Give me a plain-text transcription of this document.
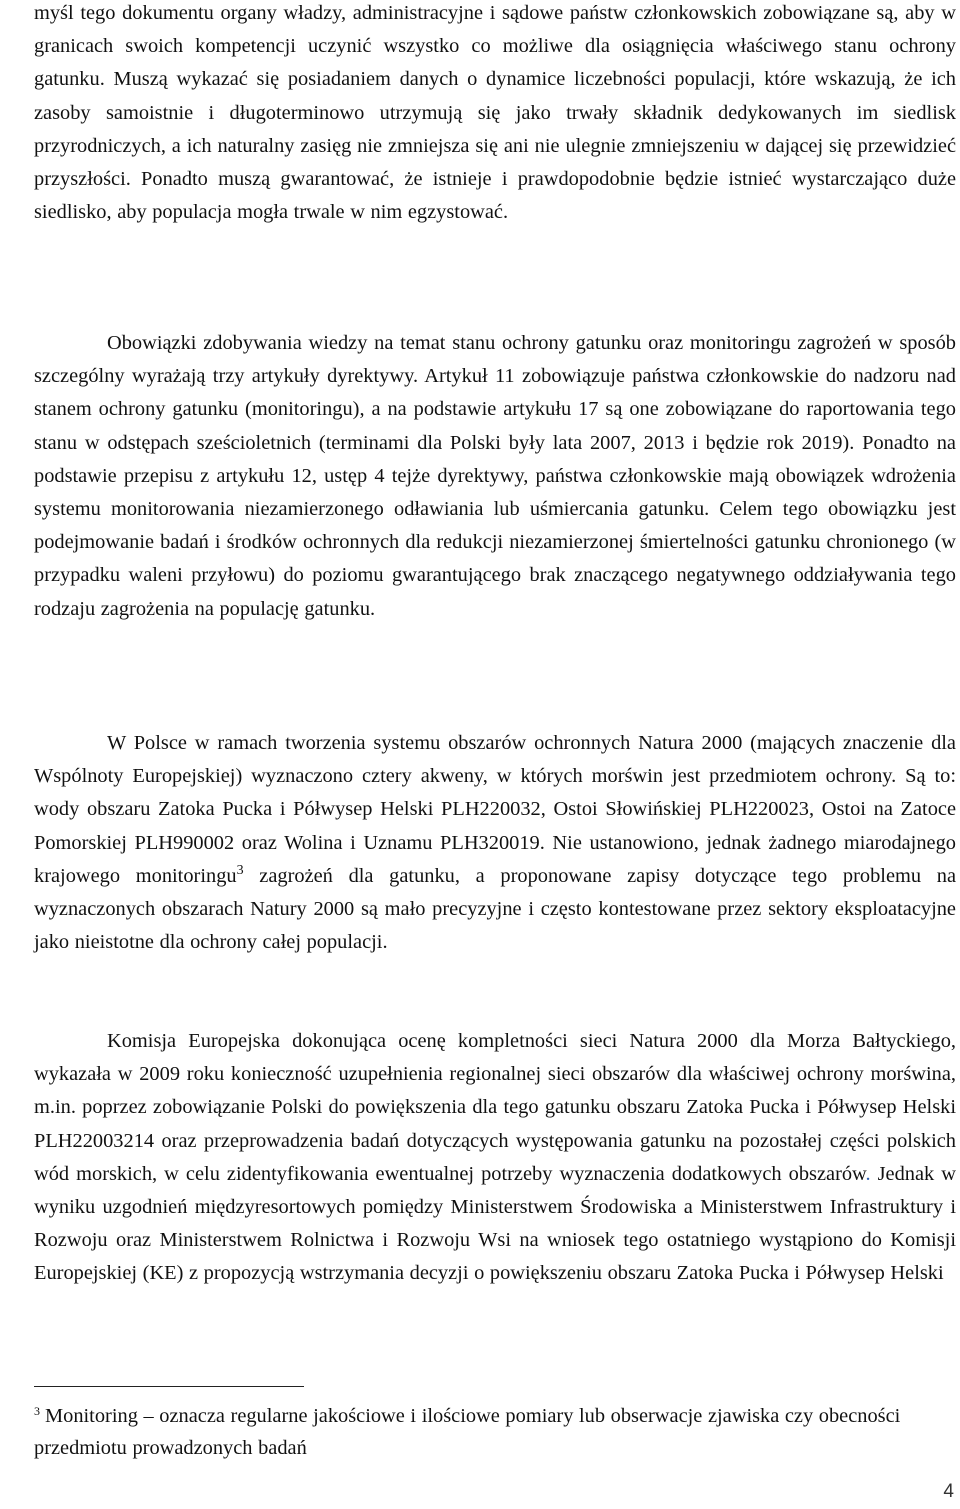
myśl tego dokumentu organy władzy, administracyjne i sądowe państw członkowskich zobowiązane są, aby w granicach swoich kompetencji uczynić wszystko co możliwe dla osiągnięcia właściwego stanu ochrony gatunku. Muszą wykazać się posiadaniem danych o dynamice liczebności populacji, które wskazują, że ich zasoby samoistnie i długoterminowo utrzymują się jako trwały składnik dedykowanych im siedlisk przyrodniczych, a ich naturalny zasięg nie zmniejsza się ani nie ulegnie zmniejszeniu w dającej się przewidzieć przyszłości. Ponadto muszą gwarantować, że istnieje i prawdopodobnie będzie istnieć wystarczająco duże siedlisko, aby populacja mogła trwale w nim egzystować.

Obowiązki zdobywania wiedzy na temat stanu ochrony gatunku oraz monitoringu zagrożeń w sposób szczególny wyrażają trzy artykuły dyrektywy. Artykuł 11 zobowiązuje państwa członkowskie do nadzoru nad stanem ochrony gatunku (monitoringu), a na podstawie artykułu 17 są one zobowiązane do raportowania tego stanu w odstępach sześcioletnich (terminami dla Polski były lata 2007, 2013 i będzie rok 2019). Ponadto na podstawie przepisu z artykułu 12, ustęp 4 tejże dyrektywy, państwa członkowskie mają obowiązek wdrożenia systemu monitorowania niezamierzonego odławiania lub uśmiercania gatunku. Celem tego obowiązku jest podejmowanie badań i środków ochronnych dla redukcji niezamierzonej śmiertelności gatunku chronionego (w przypadku waleni przyłowu) do poziomu gwarantującego brak znaczącego negatywnego oddziaływania tego rodzaju zagrożenia na populację gatunku.

W Polsce w ramach tworzenia systemu obszarów ochronnych Natura 2000 (mających znaczenie dla Wspólnoty Europejskiej) wyznaczono cztery akweny, w których morświn jest przedmiotem ochrony. Są to: wody obszaru Zatoka Pucka i Półwysep Helski PLH220032, Ostoi Słowińskiej PLH220023, Ostoi na Zatoce Pomorskiej PLH990002 oraz Wolina i Uznamu PLH320019. Nie ustanowiono, jednak żadnego miarodajnego krajowego monitoringu$^3$ zagrożeń dla gatunku, a proponowane zapisy dotyczące tego problemu na wyznaczonych obszarach Natury 2000 są mało precyzyjne i często kontestowane przez sektory eksploatacyjne jako nieistotne dla ochrony całej populacji.

Komisja Europejska dokonująca ocenę kompletności sieci Natura 2000 dla Morza Bałtyckiego, wykazała w 2009 roku konieczność uzupełnienia regionalnej sieci obszarów dla właściwej ochrony morświna, m.in. poprzez zobowiązanie Polski do powiększenia dla tego gatunku obszaru Zatoka Pucka i Półwysep Helski PLH22003214 oraz przeprowadzenia badań dotyczących występowania gatunku na pozostałej części polskich wód morskich, w celu zidentyfikowania ewentualnej potrzeby wyznaczenia dodatkowych obszarów. Jednak w wyniku uzgodnień międzyresortowych pomiędzy Ministerstwem Środowiska a Ministerstwem Infrastruktury i Rozwoju oraz Ministerstwem Rolnictwa i Rozwoju Wsi na wniosek tego ostatniego wystąpiono do Komisji Europejskiej (KE) z propozycją wstrzymania decyzji o powiększeniu obszaru Zatoka Pucka i Półwysep Helski

$^3$ Monitoring – oznacza regularne jakościowe i ilościowe pomiary lub obserwacje zjawiska czy obecności przedmiotu prowadzonych badań

4
